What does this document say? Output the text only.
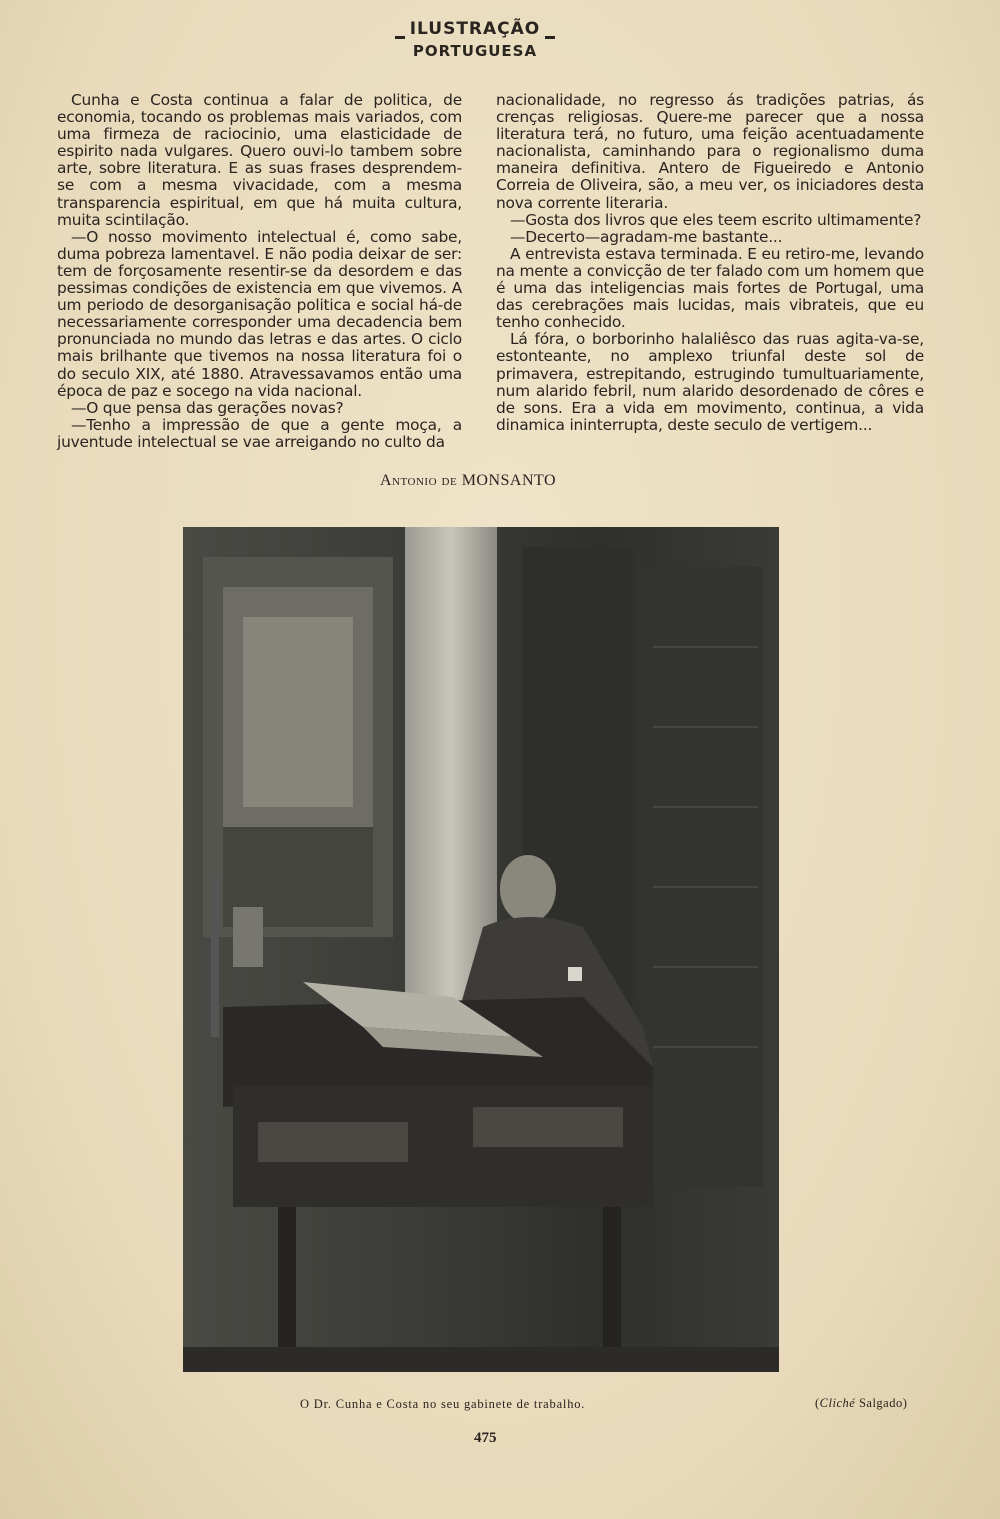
ILUSTRAÇÃO
PORTUGUESA

Cunha e Costa continua a falar de politica, de economia, tocando os problemas mais variados, com uma firmeza de raciocinio, uma elasticidade de espirito nada vulgares. Quero ouvi-lo tambem sobre arte, sobre literatura. E as suas frases desprendem-se com a mesma vivacidade, com a mesma transparencia espiritual, em que há muita cultura, muita scintilação.

—O nosso movimento intelectual é, como sabe, duma pobreza lamentavel. E não podia deixar de ser: tem de forçosamente resentir-se da desordem e das pessimas condições de existencia em que vivemos. A um periodo de desorganisação politica e social há-de necessariamente corresponder uma decadencia bem pronunciada no mundo das letras e das artes. O ciclo mais brilhante que tivemos na nossa literatura foi o do seculo XIX, até 1880. Atravessavamos então uma época de paz e socego na vida nacional.

—O que pensa das gerações novas?

—Tenho a impressão de que a gente moça, a juventude intelectual se vae arreigando no culto da

nacionalidade, no regresso ás tradições patrias, ás crenças religiosas. Quere-me parecer que a nossa literatura terá, no futuro, uma feição acentuadamente nacionalista, caminhando para o regionalismo duma maneira definitiva. Antero de Figueiredo e Antonio Correia de Oliveira, são, a meu ver, os iniciadores desta nova corrente literaria.

—Gosta dos livros que eles teem escrito ultimamente?

—Decerto—agradam-me bastante...

A entrevista estava terminada. E eu retiro-me, levando na mente a convicção de ter falado com um homem que é uma das inteligencias mais fortes de Portugal, uma das cerebrações mais lucidas, mais vibrateis, que eu tenho conhecido.

Lá fóra, o borborinho halaliêsco das ruas agita-va-se, estonteante, no amplexo triunfal deste sol de primavera, estrepitando, estrugindo tumultuariamente, num alarido febril, num alarido desordenado de côres e de sons. Era a vida em movimento, continua, a vida dinamica ininterrupta, deste seculo de vertigem...

Antonio de MONSANTO
O Dr. Cunha e Costa no seu gabinete de trabalho.	(Cliché Salgado)
475
